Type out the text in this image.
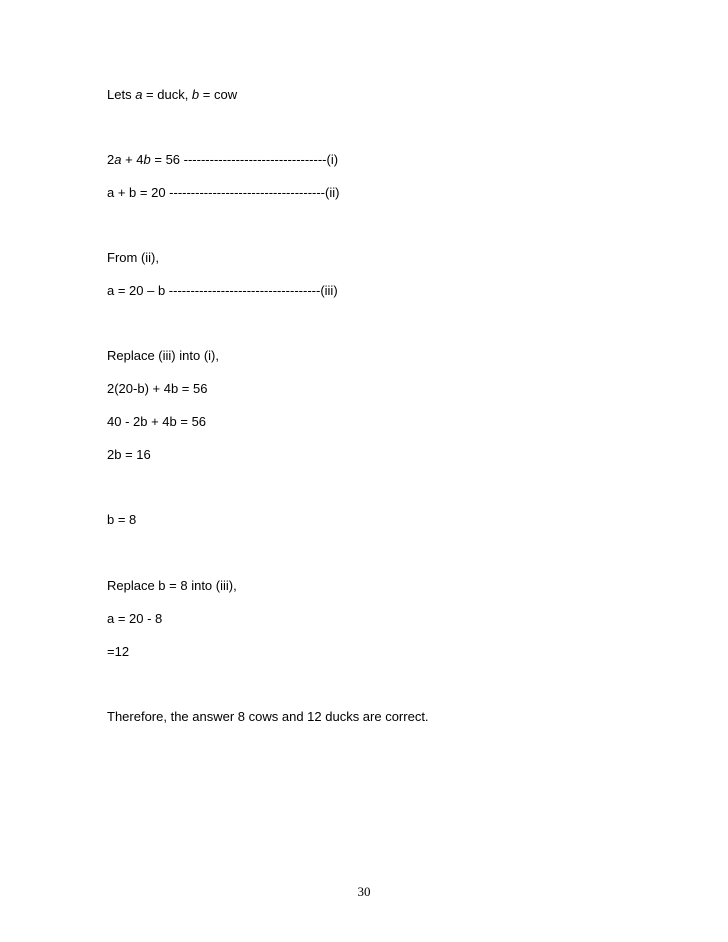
Lets a = duck, b = cow

2a + 4b = 56 ---------------------------------(i)

a + b = 20 ------------------------------------(ii)

From (ii),

a = 20 – b -----------------------------------(iii)

Replace (iii) into (i),

2(20-b) + 4b = 56

40 - 2b + 4b = 56

2b = 16

b = 8

Replace b = 8 into (iii),

a = 20 - 8

=12

Therefore, the answer 8 cows and 12 ducks are correct.

30
